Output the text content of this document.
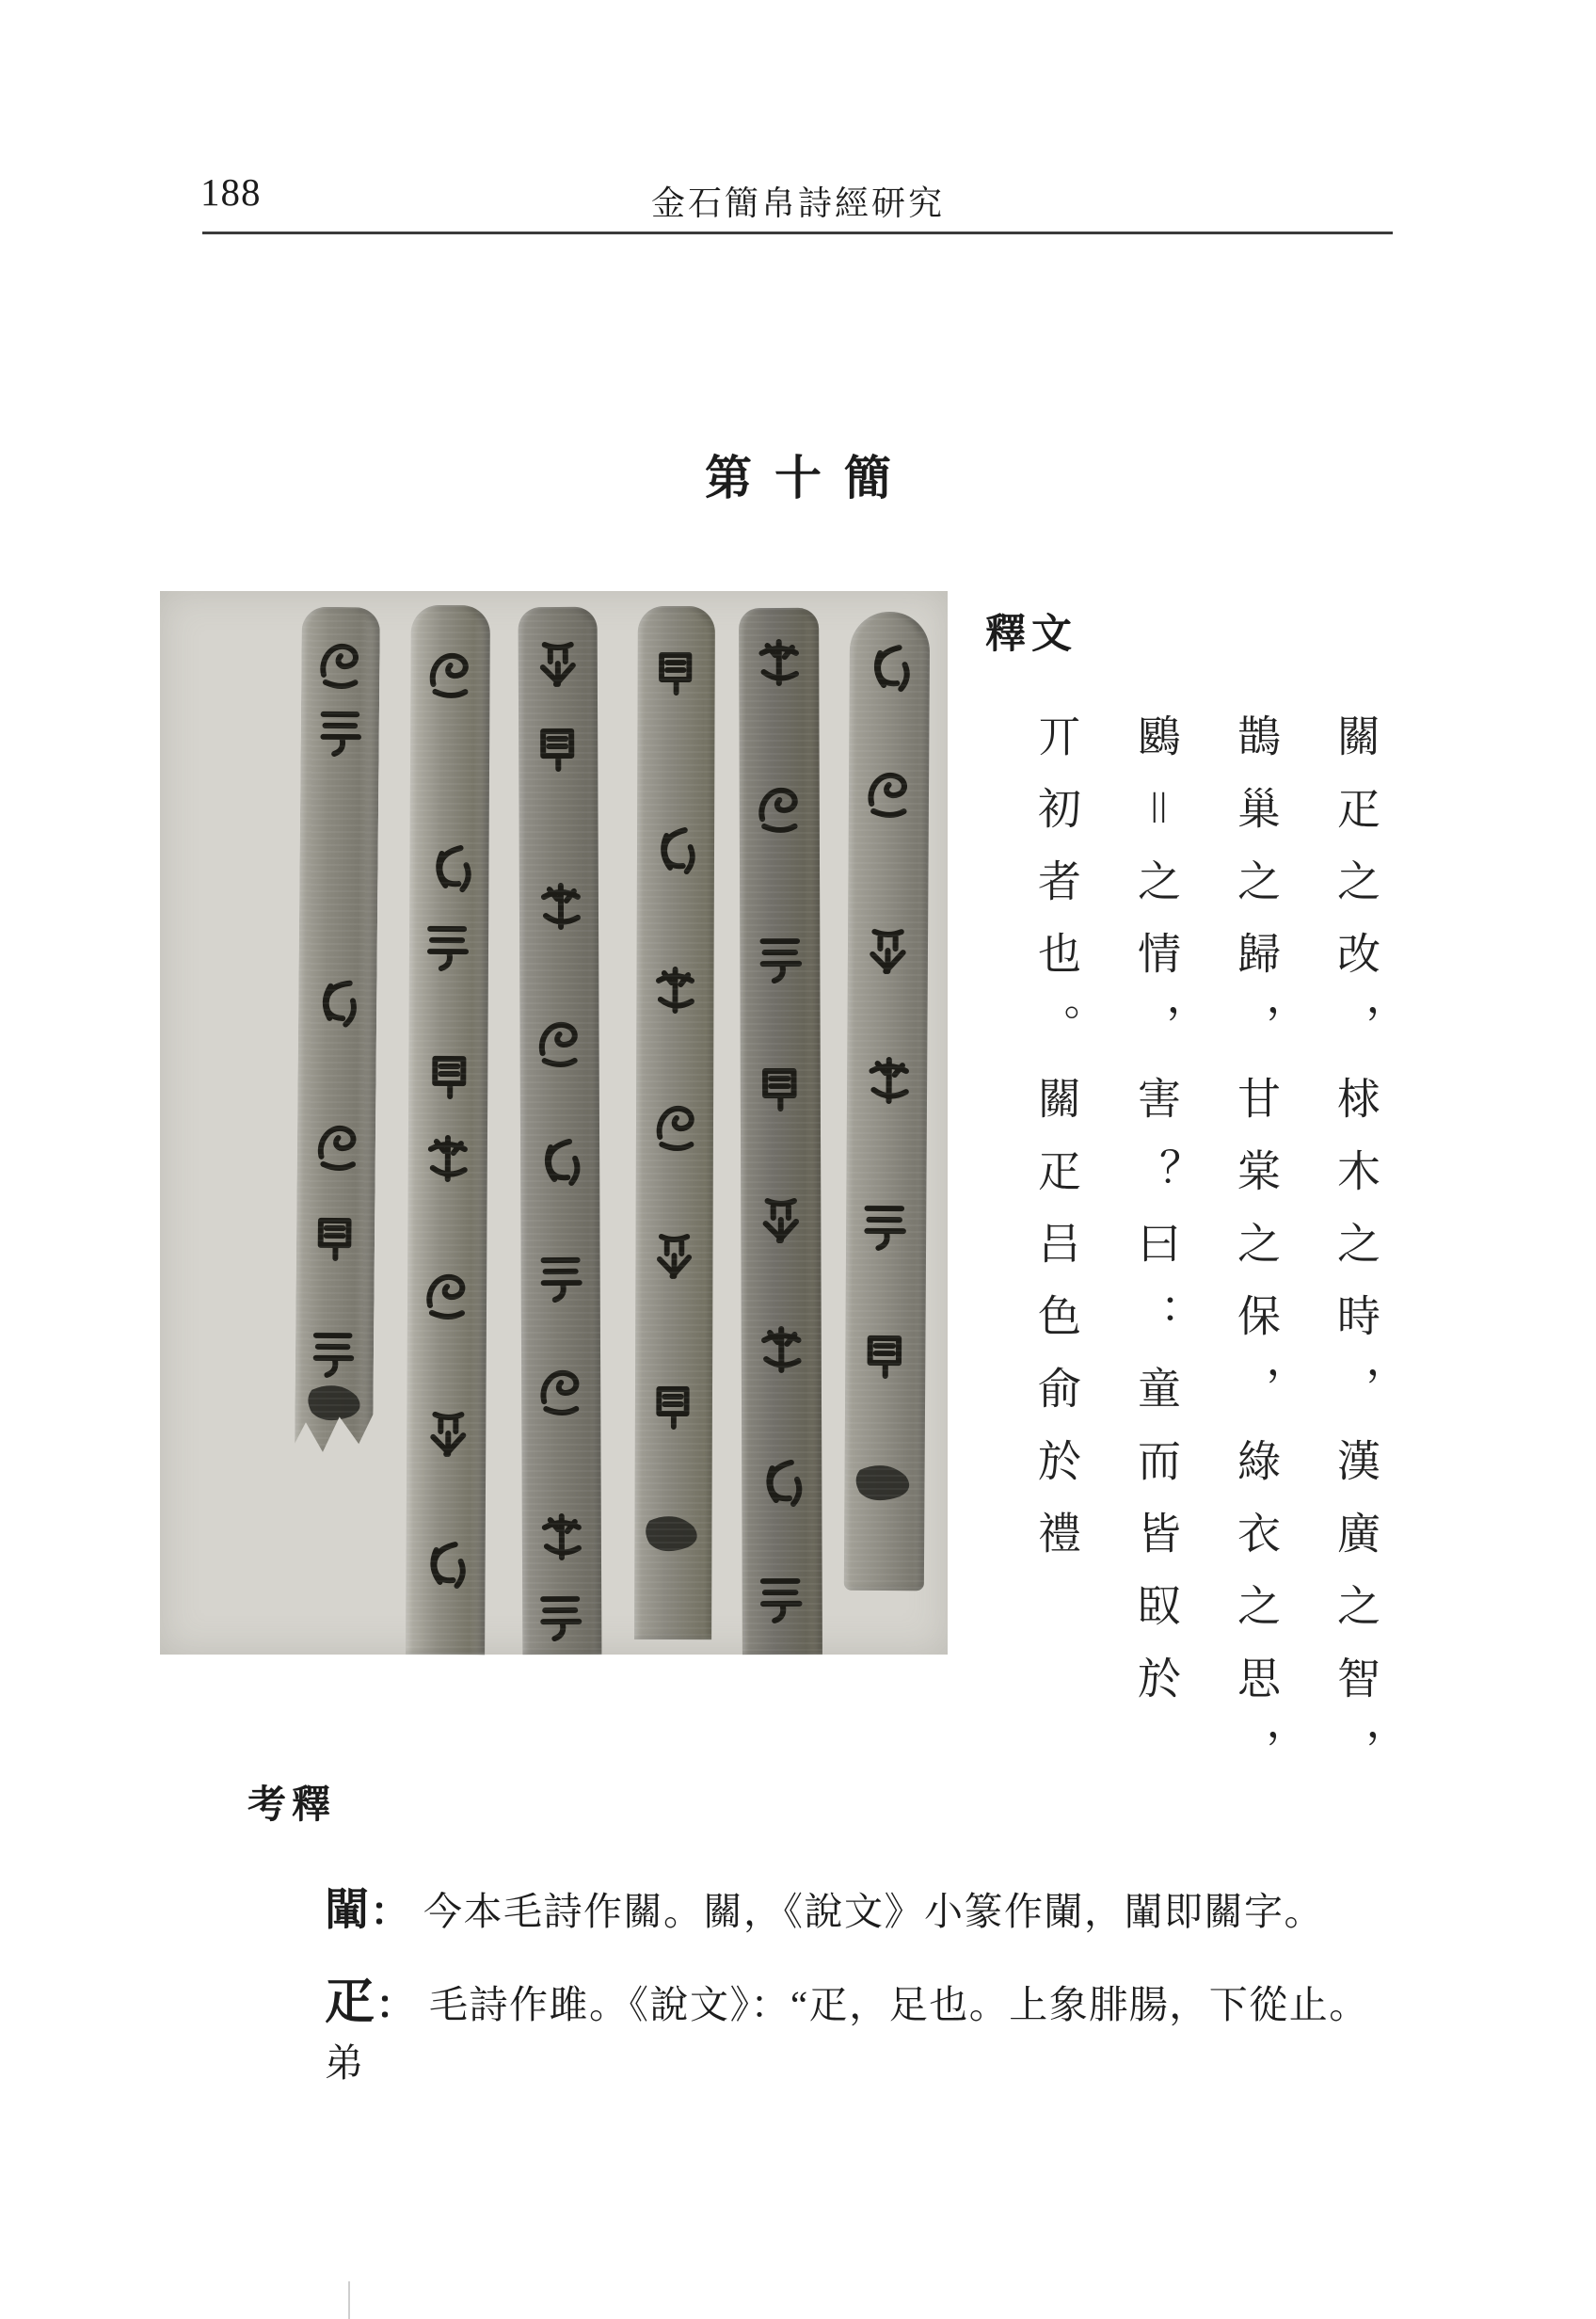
188	金石簡帛詩經研究
第十簡
釋文
關疋之改，梂木之時，漢廣之智，
鵲巢之歸，甘棠之保，綠衣之思，
鶠＝之情，害？曰：童而皆臤於
丌初者也。關疋吕色俞於禮
考釋

閳： 今本毛詩作關。關，《說文》小篆作䦨，閳即關字。

疋： 毛詩作雎。《說文》：“疋，足也。上象腓腸，下從止。弟
